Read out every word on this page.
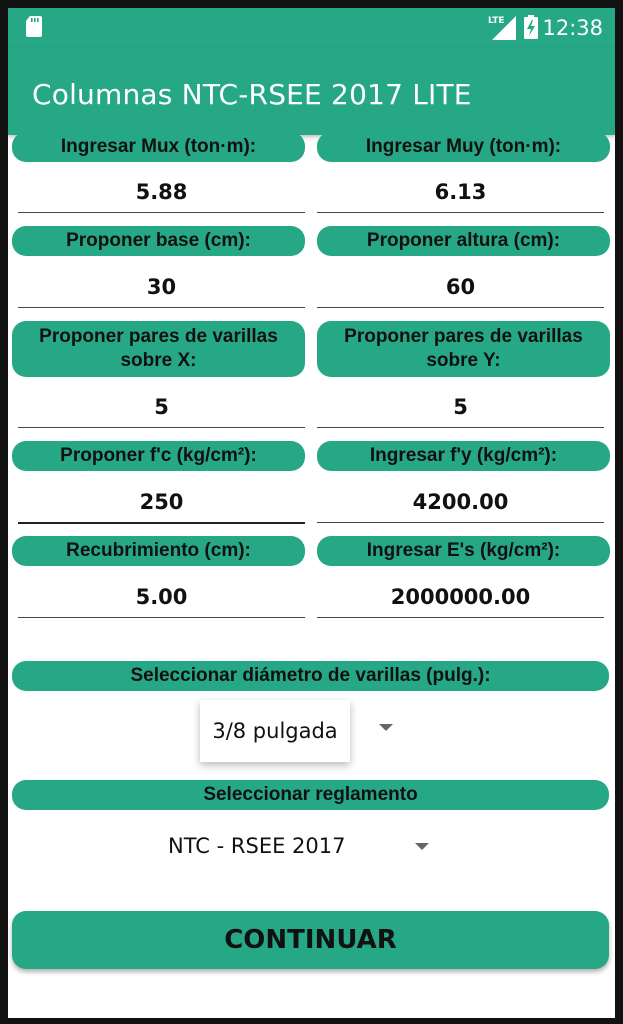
LTE 12:38
Columnas NTC-RSEE 2017 LITE
Ingresar Mux (ton·m):	Ingresar Muy (ton·m):
5.88	6.13
Proponer base (cm):	Proponer altura (cm):
30	60
Proponer pares de varillas sobre X:
Proponer pares de varillas sobre Y:
5	5
Proponer f'c (kg/cm²):	Ingresar f'y (kg/cm²):
250	4200.00
Recubrimiento (cm):	Ingresar E's (kg/cm²):
5.00	2000000.00
Seleccionar diámetro de varillas (pulg.):
3/8 pulgada
Seleccionar reglamento
NTC - RSEE 2017
CONTINUAR
